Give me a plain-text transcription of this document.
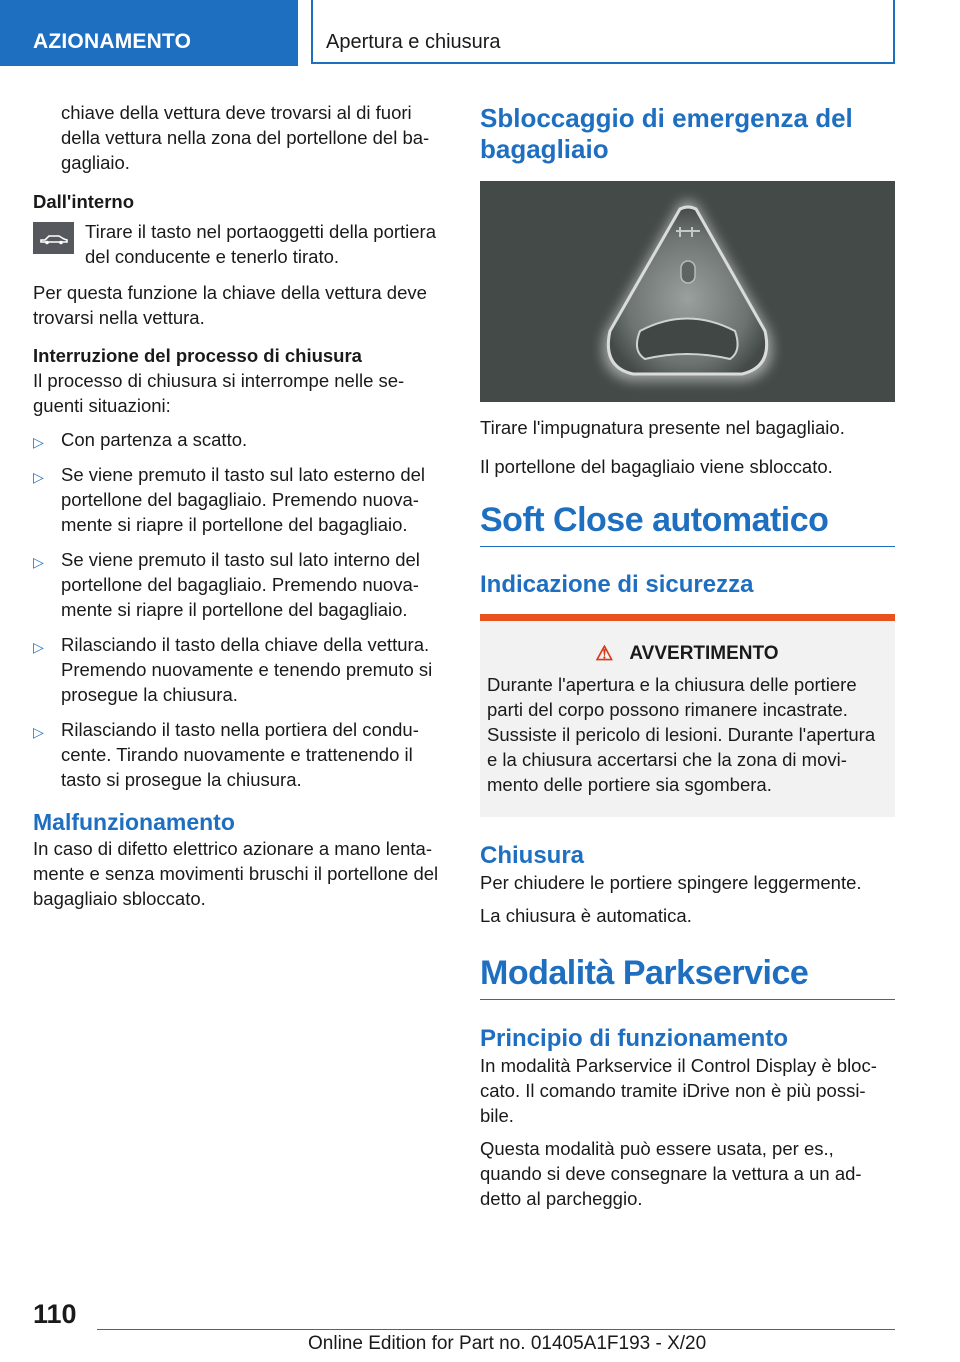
AZIONAMENTO	Apertura e chiusura

chiave della vettura deve trovarsi al di fuori della vettura nella zona del portellone del ba-gagliaio.

Dall'interno

Tirare il tasto nel portaoggetti della portiera del conducente e tenerlo tirato.

Per questa funzione la chiave della vettura deve trovarsi nella vettura.

Interruzione del processo di chiusura

Il processo di chiusura si interrompe nelle se-guenti situazioni:

▷ Con partenza a scatto.
▷ Se viene premuto il tasto sul lato esterno del portellone del bagagliaio. Premendo nuova-mente si riapre il portellone del bagagliaio.
▷ Se viene premuto il tasto sul lato interno del portellone del bagagliaio. Premendo nuova-mente si riapre il portellone del bagagliaio.
▷ Rilasciando il tasto della chiave della vettura. Premendo nuovamente e tenendo premuto si prosegue la chiusura.
▷ Rilasciando il tasto nella portiera del condu-cente. Tirando nuovamente e trattenendo il tasto si prosegue la chiusura.
Malfunzionamento

In caso di difetto elettrico azionare a mano lenta-mente e senza movimenti bruschi il portellone del bagagliaio sbloccato.

Sbloccaggio di emergenza del bagagliaio

Tirare l'impugnatura presente nel bagagliaio.

Il portellone del bagagliaio viene sbloccato.

Soft Close automatico
Indicazione di sicurezza
⚠ AVVERTIMENTO

Durante l'apertura e la chiusura delle portiere parti del corpo possono rimanere incastrate. Sussiste il pericolo di lesioni. Durante l'apertura e la chiusura accertarsi che la zona di movi-mento delle portiere sia sgombera.

Chiusura

Per chiudere le portiere spingere leggermente.

La chiusura è automatica.

Modalità Parkservice
Principio di funzionamento

In modalità Parkservice il Control Display è bloc-cato. Il comando tramite iDrive non è più possi-bile.

Questa modalità può essere usata, per es., quando si deve consegnare la vettura a un ad-detto al parcheggio.

110
Online Edition for Part no. 01405A1F193 - X/20
